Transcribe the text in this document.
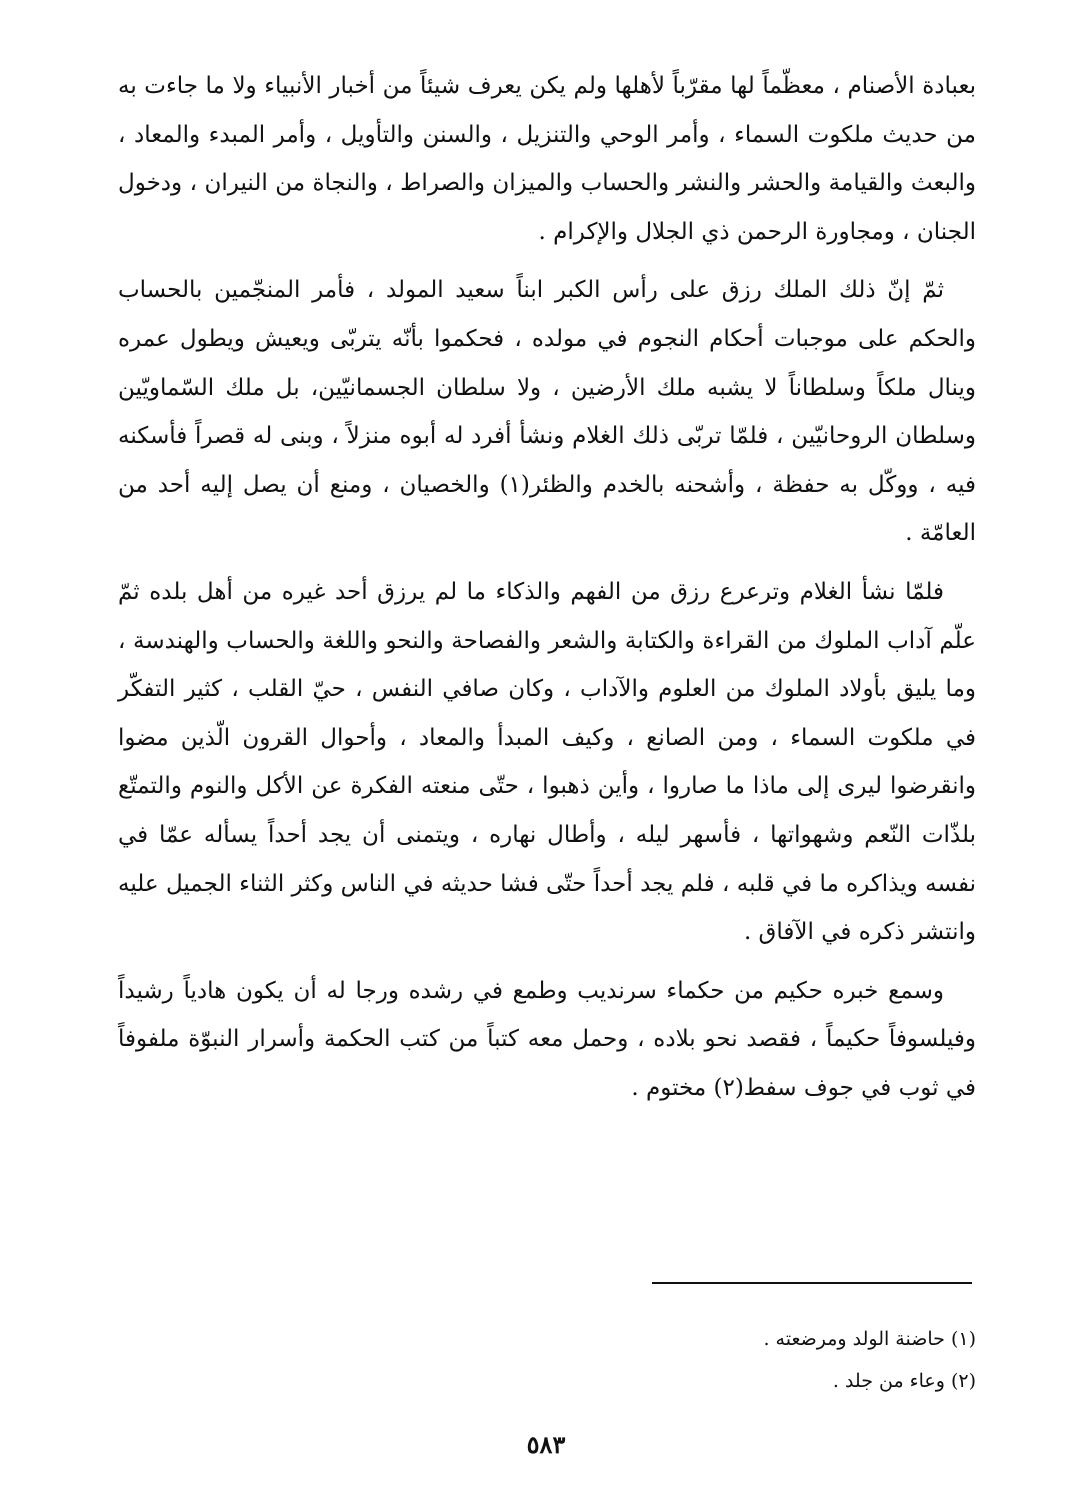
بعبادة الأصنام ، معظّماً لها مقرّباً لأهلها ولم يكن يعرف شيئاً من أخبار الأنبياء ولا ما جاءت به من حديث ملكوت السماء ، وأمر الوحي والتنزيل ، والسنن والتأويل ، وأمر المبدء والمعاد ، والبعث والقيامة والحشر والنشر والحساب والميزان والصراط ، والنجاة من النيران ، ودخول الجنان ، ومجاورة الرحمن ذي الجلال والإكرام .

ثمّ إنّ ذلك الملك رزق على رأس الكبر ابناً سعيد المولد ، فأمر المنجّمين بالحساب والحكم على موجبات أحكام النجوم في مولده ، فحكموا بأنّه يتربّى ويعيش ويطول عمره وينال ملكاً وسلطاناً لا يشبه ملك الأرضين ، ولا سلطان الجسمانيّين، بل ملك السّماويّين وسلطان الروحانيّين ، فلمّا تربّى ذلك الغلام ونشأ أفرد له أبوه منزلاً ، وبنى له قصراً فأسكنه فيه ، ووكّل به حفظة ، وأشحنه بالخدم والظئر(١) والخصيان ، ومنع أن يصل إليه أحد من العامّة .

فلمّا نشأ الغلام وترعرع رزق من الفهم والذكاء ما لم يرزق أحد غيره من أهل بلده ثمّ علّم آداب الملوك من القراءة والكتابة والشعر والفصاحة والنحو واللغة والحساب والهندسة ، وما يليق بأولاد الملوك من العلوم والآداب ، وكان صافي النفس ، حيّ القلب ، كثير التفكّر في ملكوت السماء ، ومن الصانع ، وكيف المبدأ والمعاد ، وأحوال القرون الّذين مضوا وانقرضوا ليرى إلى ماذا ما صاروا ، وأين ذهبوا ، حتّى منعته الفكرة عن الأكل والنوم والتمتّع بلذّات النّعم وشهواتها ، فأسهر ليله ، وأطال نهاره ، ويتمنى أن يجد أحداً يسأله عمّا في نفسه ويذاكره ما في قلبه ، فلم يجد أحداً حتّى فشا حديثه في الناس وكثر الثناء الجميل عليه وانتشر ذكره في الآفاق .

وسمع خبره حكيم من حكماء سرنديب وطمع في رشده ورجا له أن يكون هادياً رشيداً وفيلسوفاً حكيماً ، فقصد نحو بلاده ، وحمل معه كتباً من كتب الحكمة وأسرار النبوّة ملفوفاً في ثوب في جوف سفط(٢) مختوم .

(١) حاضنة الولد ومرضعته .

(٢) وعاء من جلد .

٥٨٣
